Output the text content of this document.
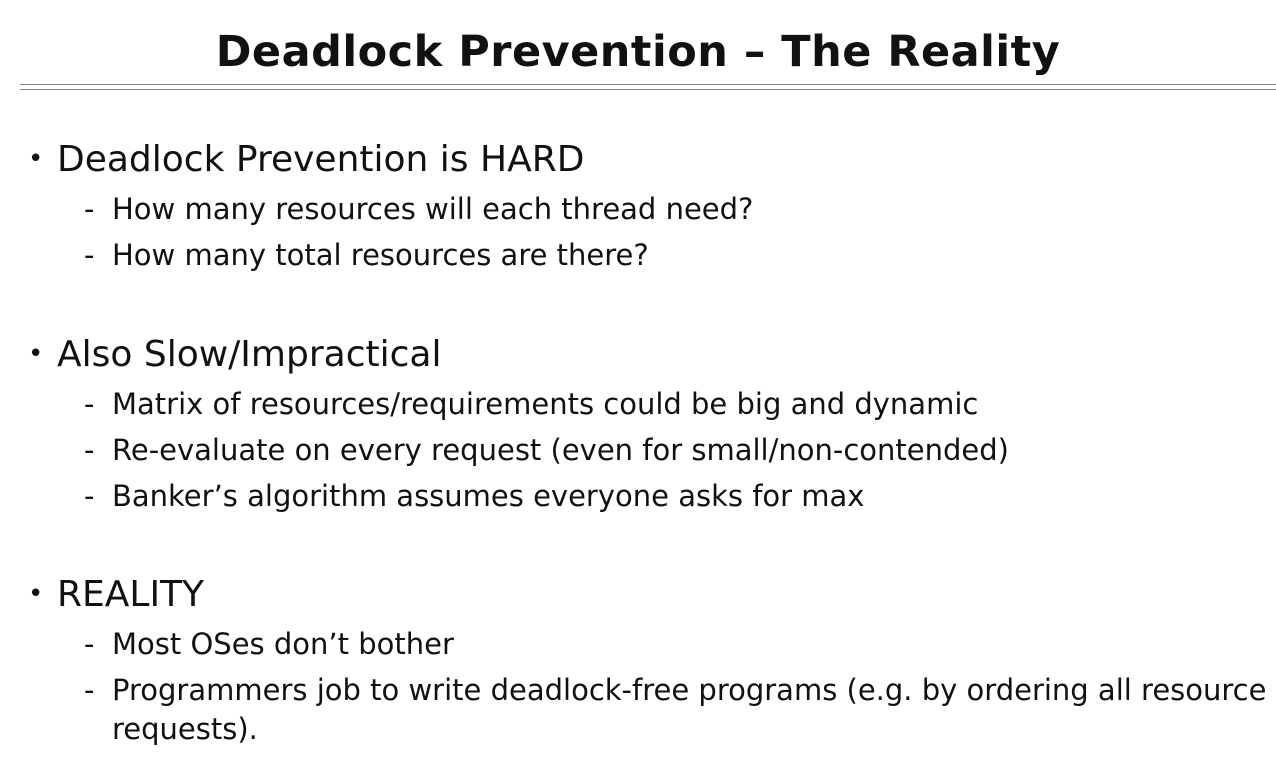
Deadlock Prevention – The Reality
• Deadlock Prevention is HARD
- How many resources will each thread need?
- How many total resources are there?
• Also Slow/Impractical
- Matrix of resources/requirements could be big and dynamic
- Re-evaluate on every request (even for small/non-contended)
- Banker’s algorithm assumes everyone asks for max
• REALITY
- Most OSes don’t bother
- Programmers job to write deadlock-free programs (e.g. by ordering all resource requests).
